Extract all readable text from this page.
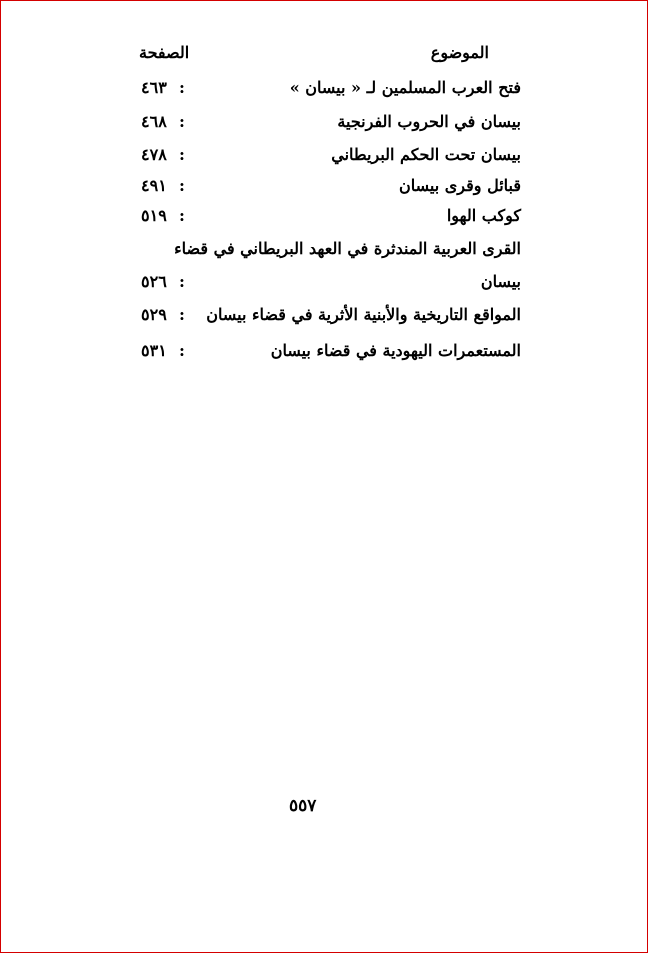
الموضوع
الصفحة
فتح العرب المسلمين لـ « بيسان »
:
٤٦٣
بيسان في الحروب الفرنجية
:
٤٦٨
بيسان تحت الحكم البريطاني
:
٤٧٨
قبائل وقرى بيسان
:
٤٩١
كوكب الهوا
:
٥١٩
القرى العربية المندثرة في العهد البريطاني في قضاء
بيسان
:
٥٢٦
المواقع التاريخية والأبنية الأثرية في قضاء بيسان
:
٥٢٩
المستعمرات اليهودية في قضاء بيسان
:
٥٣١
٥٥٧
